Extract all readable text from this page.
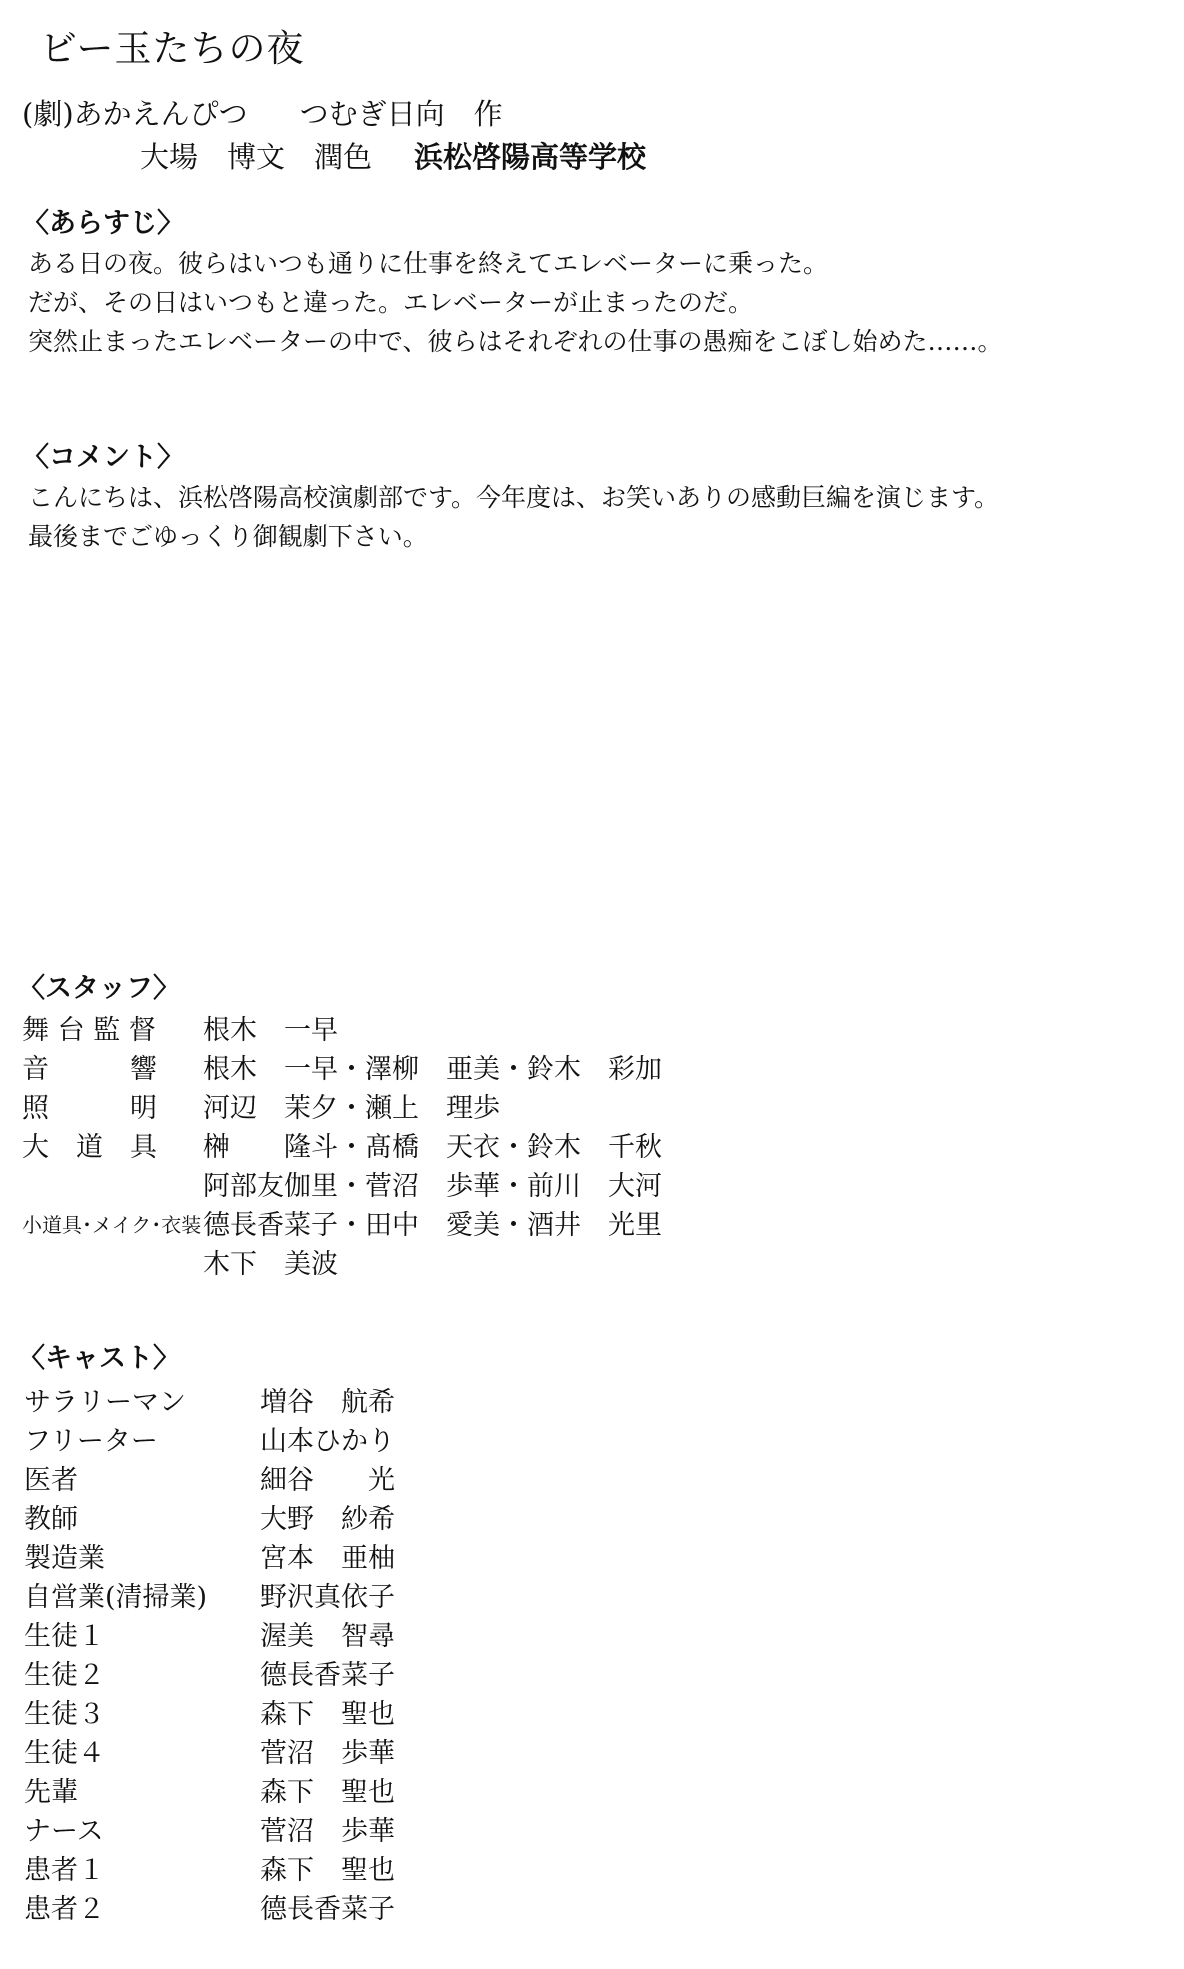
ビー玉たちの夜
(劇)あかえんぴつ つむぎ日向　作
大場　博文　潤色 浜松啓陽高等学校
〈あらすじ〉
ある日の夜。彼らはいつも通りに仕事を終えてエレベーターに乗った。
だが、その日はいつもと違った。エレベーターが止まったのだ。
突然止まったエレベーターの中で、彼らはそれぞれの仕事の愚痴をこぼし始めた……。
〈コメント〉
こんにちは、浜松啓陽高校演劇部です。今年度は、お笑いありの感動巨編を演じます。
最後までごゆっくり御観劇下さい。
〈スタッフ〉
舞 台 監 督 根木　一早
音　　　響 根木　一早・澤柳　亜美・鈴木　彩加
照　　　明 河辺　茉夕・瀬上　理歩
大　道　具 榊　　隆斗・髙橋　天衣・鈴木　千秋
阿部友伽里・菅沼　歩華・前川　大河
小道具･メイク･衣装 德長香菜子・田中　愛美・酒井　光里
木下　美波
〈キャスト〉
サラリーマン	増谷　航希
フリーター	山本ひかり
医者	細谷　　光
教師	大野　紗希
製造業	宮本　亜柚
自営業(清掃業) 野沢真依子
生徒１	渥美　智尋
生徒２	德長香菜子
生徒３	森下　聖也
生徒４	菅沼　歩華
先輩	森下　聖也
ナース	菅沼　歩華
患者１	森下　聖也
患者２	德長香菜子
